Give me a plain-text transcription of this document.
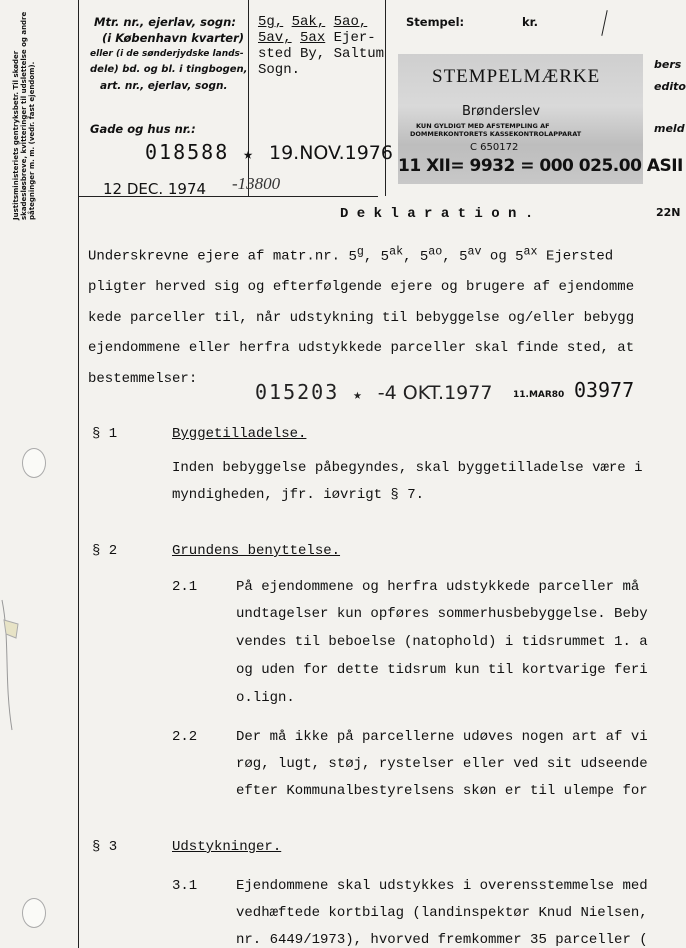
Justitsministeriets gentryksbetr. Til skøder skadesløsbreve, kvitteringer til udslettelse og andre påtegninger m. m. (vedr. fast ejendom).
Mtr. nr., ejerlav, sogn:
(i København kvarter)
eller (i de sønderjydske lands-
dele) bd. og bl. i tingbogen,
art. nr., ejerlav, sogn.
5g, 5ak, 5ao,
5av, 5ax Ejer-
sted By, Saltum
Sogn.
Gade og hus nr.:
018588 ★ 19.NOV.1976
12 DEC. 1974 -13800
Stempel:	kr.
bers
edito
meld
22N
STEMPELMÆRKE
Brønderslev
KUN GYLDIGT MED AFSTEMPLING AF
DOMMERKONTORETS KASSEKONTROLAPPARAT
C 650172
11 XII= 9932 = 000 025.00 ASII
D e k l a r a t i o n .
Underskrevne ejere af matr.nr. 5$^g$, $5^{ak}$, $5^{ao}$, $5^{av}$ og $5^{ax}$ Ejersted
pligter herved sig og efterfølgende ejere og brugere af ejendomme
kede parceller til, når udstykning til bebyggelse og/eller bebygg
ejendommene eller herfra udstykkede parceller skal finde sted, at
bestemmelser:
015203 ★ -4 OKT.1977 11.MAR80 03977
§ 1	Byggetilladelse.
Inden bebyggelse påbegyndes, skal byggetilladelse være i
myndigheden, jfr. iøvrigt § 7.
§ 2	Grundens benyttelse.
2.1	På ejendommene og herfra udstykkede parceller må
undtagelser kun opføres sommerhusbebyggelse. Beby
vendes til beboelse (natophold) i tidsrummet 1. a
og uden for dette tidsrum kun til kortvarige feri
o.lign.
2.2	Der må ikke på parcellerne udøves nogen art af vi
røg, lugt, støj, rystelser eller ved sit udseende
efter Kommunalbestyrelsens skøn er til ulempe for
§ 3	Udstykninger.
3.1	Ejendommene skal udstykkes i overensstemmelse med
vedhæftede kortbilag (landinspektør Knud Nielsen,
nr. 6449/1973), hvorved fremkommer 35 parceller (
